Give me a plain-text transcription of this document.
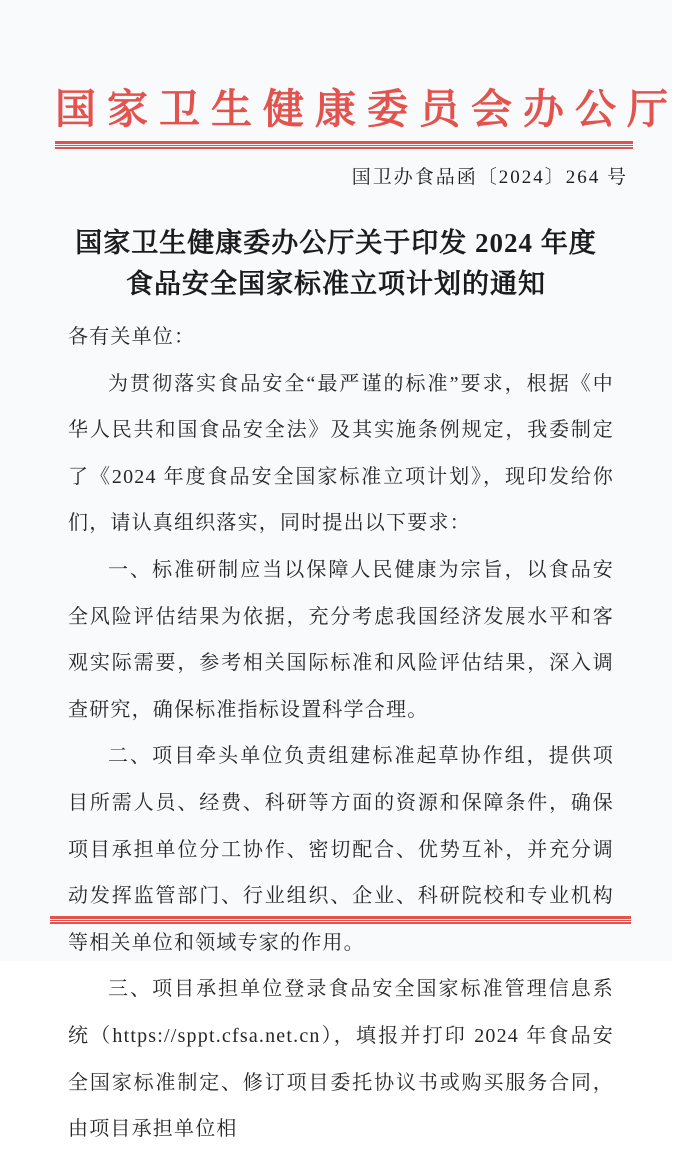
国家卫生健康委员会办公厅
国卫办食品函〔2024〕264 号
国家卫生健康委办公厅关于印发 2024 年度
食品安全国家标准立项计划的通知

各有关单位：

为贯彻落实食品安全“最严谨的标准”要求，根据《中华人民共和国食品安全法》及其实施条例规定，我委制定了《2024 年度食品安全国家标准立项计划》，现印发给你们，请认真组织落实，同时提出以下要求：

一、标准研制应当以保障人民健康为宗旨，以食品安全风险评估结果为依据，充分考虑我国经济发展水平和客观实际需要，参考相关国际标准和风险评估结果，深入调查研究，确保标准指标设置科学合理。

二、项目牵头单位负责组建标准起草协作组，提供项目所需人员、经费、科研等方面的资源和保障条件，确保项目承担单位分工协作、密切配合、优势互补，并充分调动发挥监管部门、行业组织、企业、科研院校和专业机构等相关单位和领域专家的作用。

三、项目承担单位登录食品安全国家标准管理信息系统（https://sppt.cfsa.net.cn），填报并打印 2024 年食品安全国家标准制定、修订项目委托协议书或购买服务合同，由项目承担单位相
